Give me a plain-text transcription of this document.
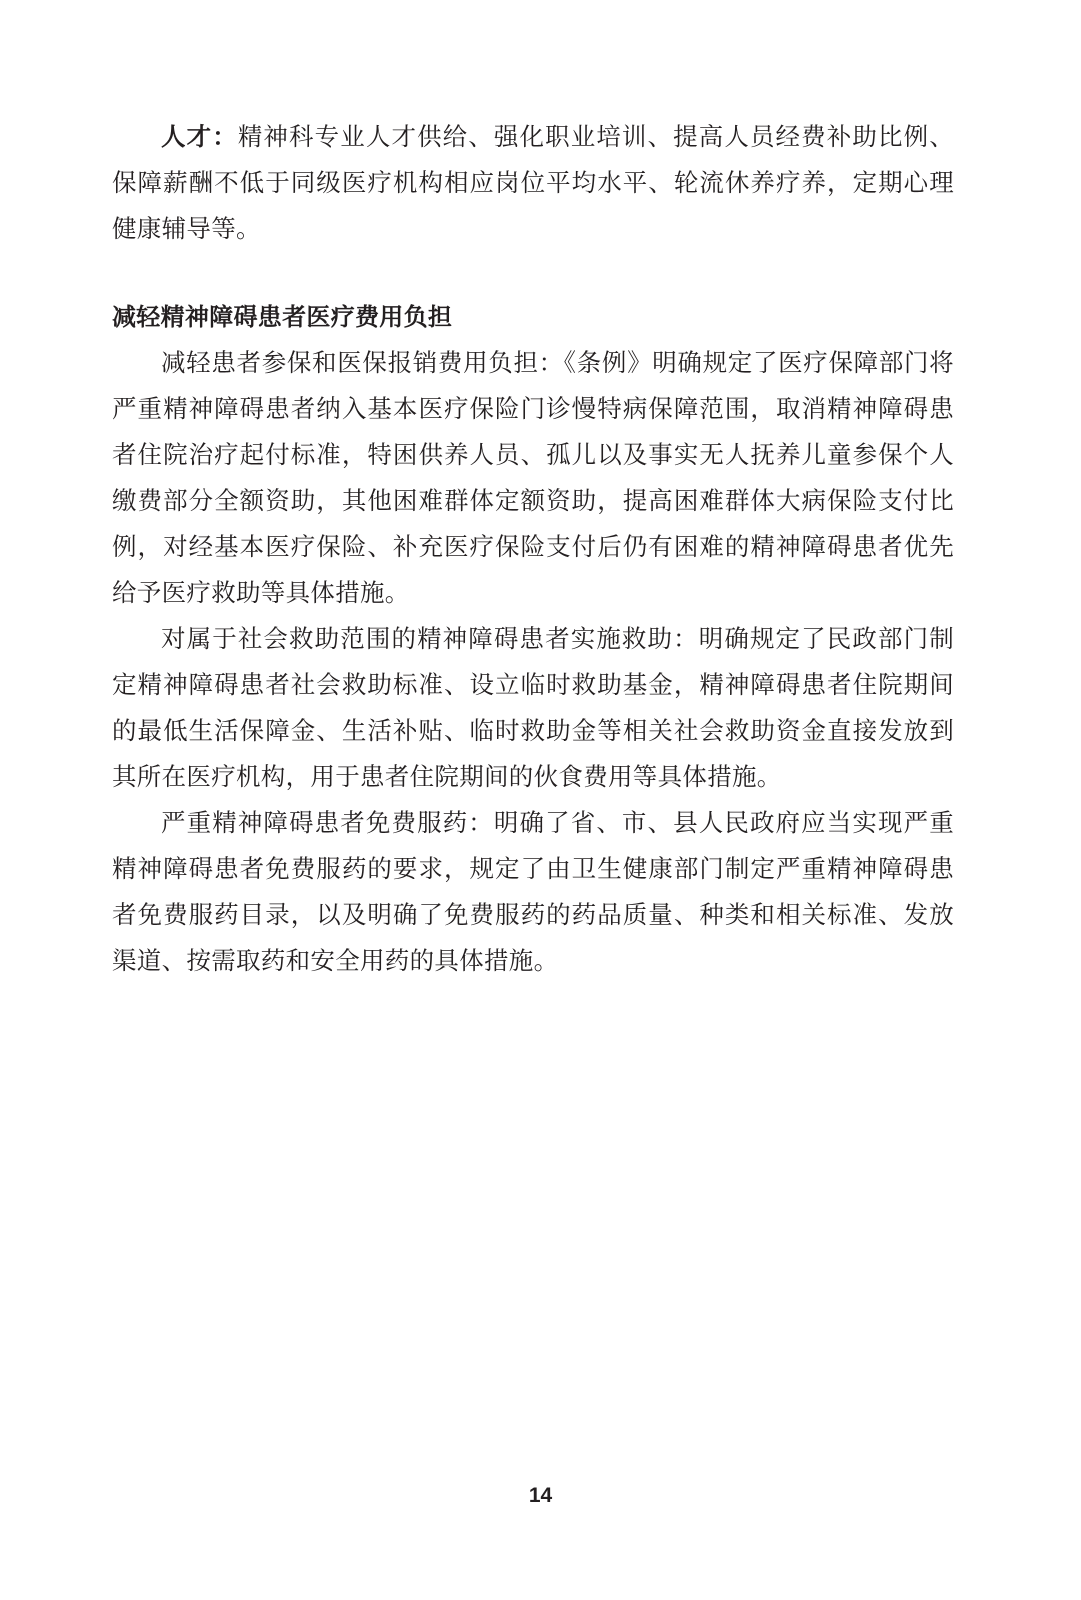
人才：精神科专业人才供给、强化职业培训、提高人员经费补助比例、保障薪酬不低于同级医疗机构相应岗位平均水平、轮流休养疗养，定期心理健康辅导等。

减轻精神障碍患者医疗费用负担

减轻患者参保和医保报销费用负担：《条例》明确规定了医疗保障部门将严重精神障碍患者纳入基本医疗保险门诊慢特病保障范围，取消精神障碍患者住院治疗起付标准，特困供养人员、孤儿以及事实无人抚养儿童参保个人缴费部分全额资助，其他困难群体定额资助，提高困难群体大病保险支付比例，对经基本医疗保险、补充医疗保险支付后仍有困难的精神障碍患者优先给予医疗救助等具体措施。

对属于社会救助范围的精神障碍患者实施救助：明确规定了民政部门制定精神障碍患者社会救助标准、设立临时救助基金，精神障碍患者住院期间的最低生活保障金、生活补贴、临时救助金等相关社会救助资金直接发放到其所在医疗机构，用于患者住院期间的伙食费用等具体措施。

严重精神障碍患者免费服药：明确了省、市、县人民政府应当实现严重精神障碍患者免费服药的要求，规定了由卫生健康部门制定严重精神障碍患者免费服药目录，以及明确了免费服药的药品质量、种类和相关标准、发放渠道、按需取药和安全用药的具体措施。

14
